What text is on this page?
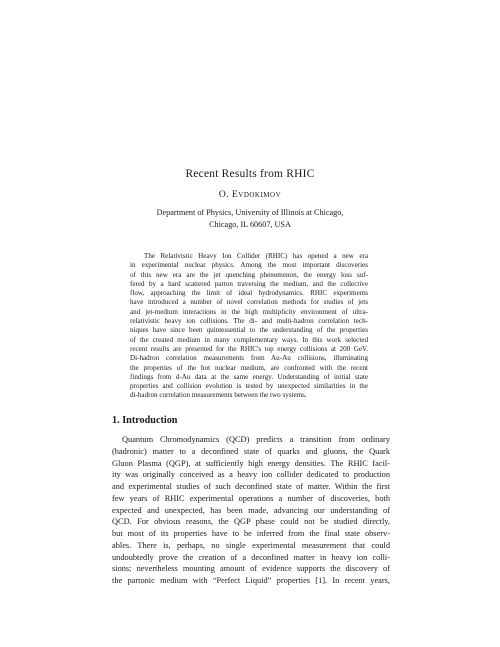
Recent Results from RHIC
O. Evdokimov
Department of Physics, University of Illinois at Chicago,
Chicago, IL 60607, USA
The Relativistic Heavy Ion Collider (RHIC) has opened a new era
in experimental nuclear physics. Among the most important discoveries
of this new era are the jet quenching phenomenon, the energy loss suf-
fered by a hard scattered parton traversing the medium, and the collective
flow, approaching the limit of ideal hydrodynamics. RHIC experiments
have introduced a number of novel correlation methods for studies of jets
and jet-medium interactions in the high multiplicity environment of ultra-
relativistic heavy ion collisions. The di- and multi-hadron correlation tech-
niques have since been quintessential to the understanding of the properties
of the created medium in many complementary ways. In this work selected
recent results are presented for the RHIC's top energy collisions at 200 GeV.
Di-hadron correlation measurements from Au-Au collisions, illuminating
the properties of the hot nuclear medium, are confronted with the recent
findings from d-Au data at the same energy. Understanding of initial state
properties and collision evolution is tested by unexpected similarities in the
di-hadron correlation measurements between the two systems.
1. Introduction
Quantum Chromodynamics (QCD) predicts a transition from ordinary
(hadronic) matter to a deconfined state of quarks and gluons, the Quark
Gluon Plasma (QGP), at sufficiently high energy densities. The RHIC facil-
ity was originally conceived as a heavy ion collider dedicated to production
and experimental studies of such deconfined state of matter. Within the first
few years of RHIC experimental operations a number of discoveries, both
expected and unexpected, has been made, advancing our understanding of
QCD. For obvious reasons, the QGP phase could not be studied directly,
but most of its properties have to be inferred from the final state observ-
ables. There is, perhaps, no single experimental measurement that could
undoubtedly prove the creation of a deconfined matter in heavy ion colli-
sions; nevertheless mounting amount of evidence supports the discovery of
the partonic medium with “Perfect Liquid” properties [1]. In recent years,
